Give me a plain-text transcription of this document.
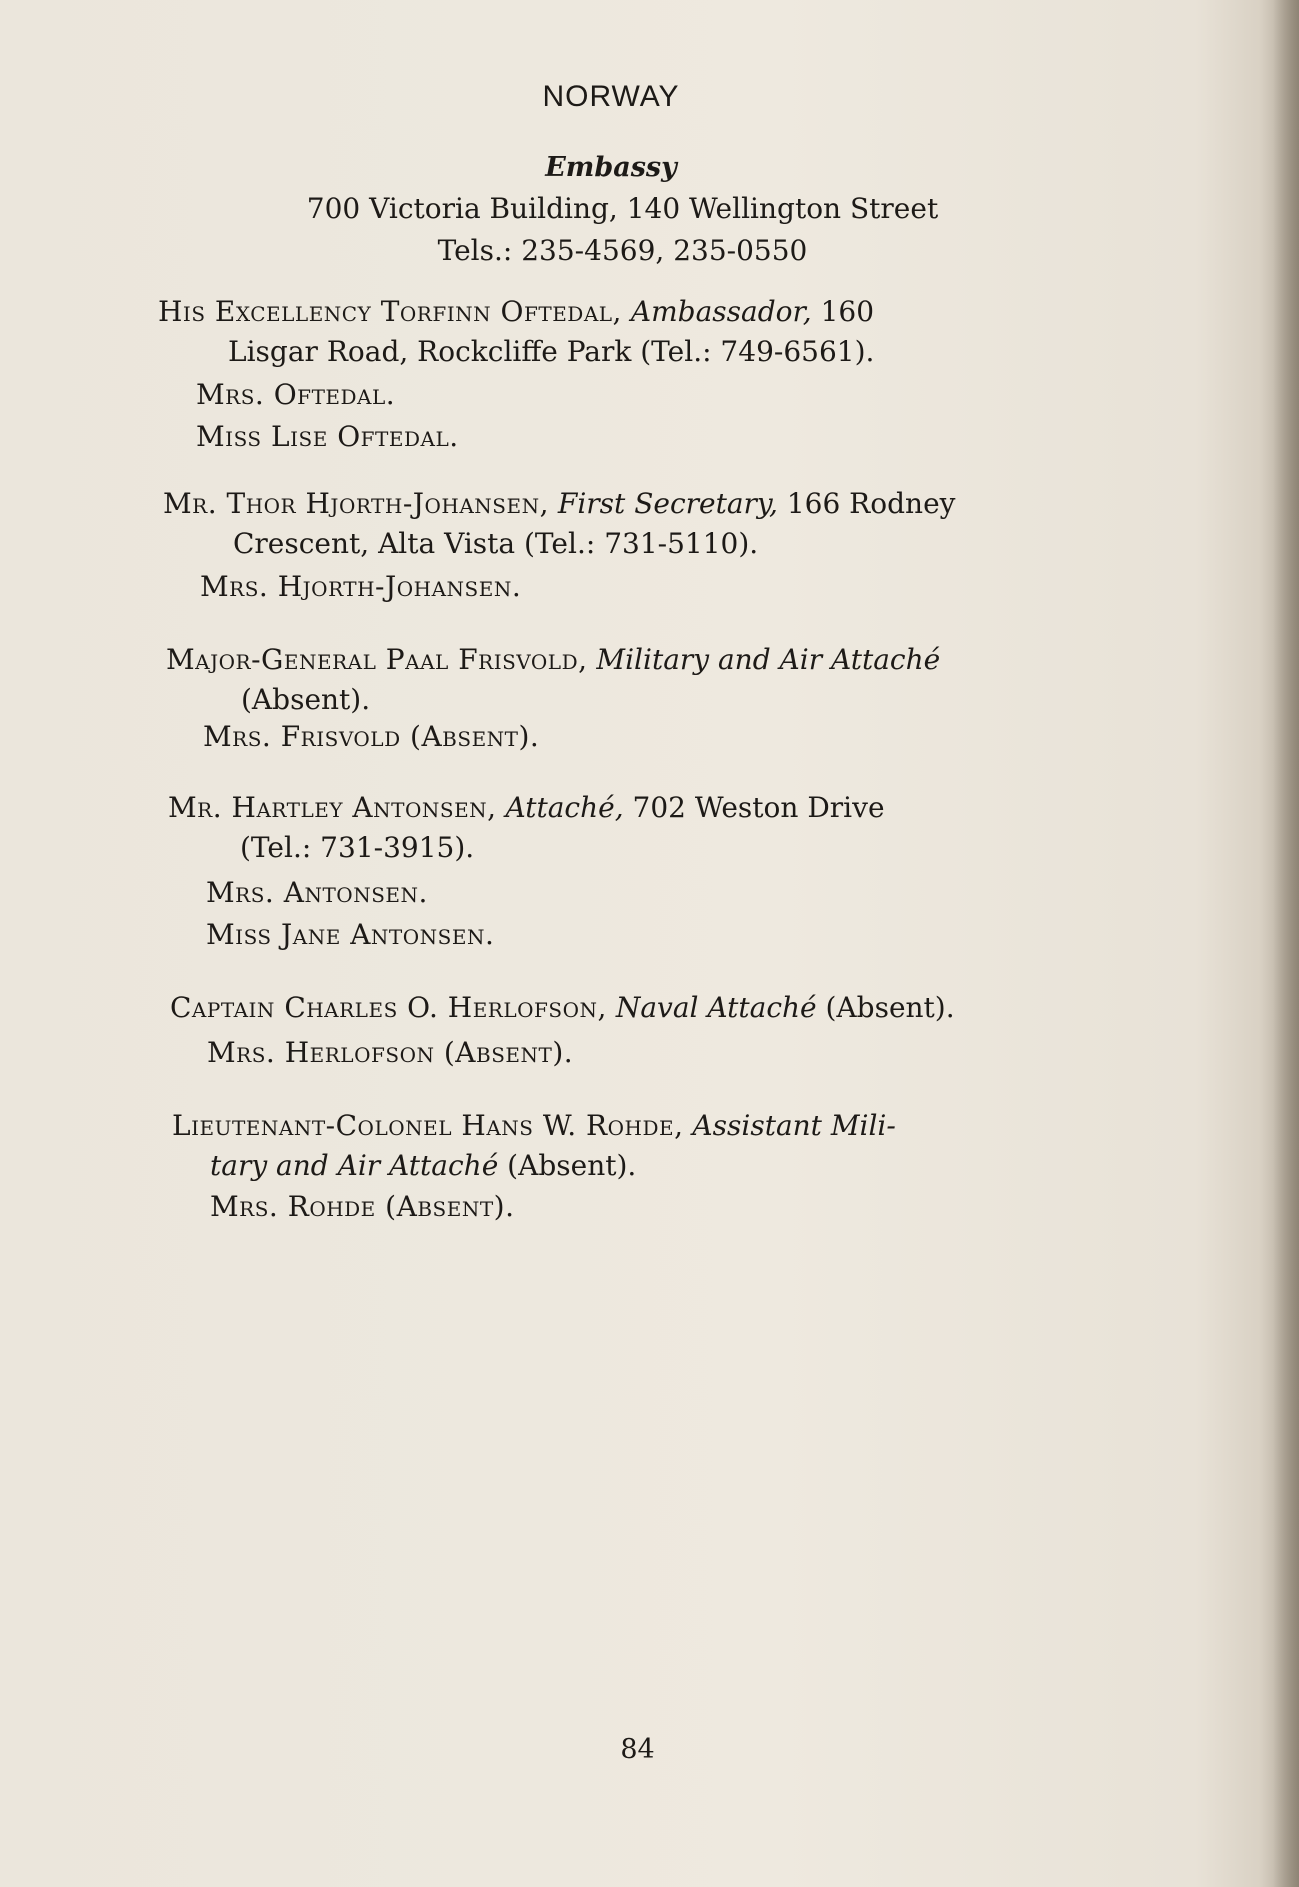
NORWAY
Embassy
700 Victoria Building, 140 Wellington Street
Tels.: 235-4569, 235-0550
His Excellency Torfinn Oftedal, Ambassador, 160
Lisgar Road, Rockcliffe Park (Tel.: 749-6561).
Mrs. Oftedal.
Miss Lise Oftedal.
Mr. Thor Hjorth-Johansen, First Secretary, 166 Rodney
Crescent, Alta Vista (Tel.: 731-5110).
Mrs. Hjorth-Johansen.
Major-General Paal Frisvold, Military and Air Attaché
(Absent).
Mrs. Frisvold (Absent).
Mr. Hartley Antonsen, Attaché, 702 Weston Drive
(Tel.: 731-3915).
Mrs. Antonsen.
Miss Jane Antonsen.
Captain Charles O. Herlofson, Naval Attaché (Absent).
Mrs. Herlofson (Absent).
Lieutenant-Colonel Hans W. Rohde, Assistant Mili-
tary and Air Attaché (Absent).
Mrs. Rohde (Absent).
84
